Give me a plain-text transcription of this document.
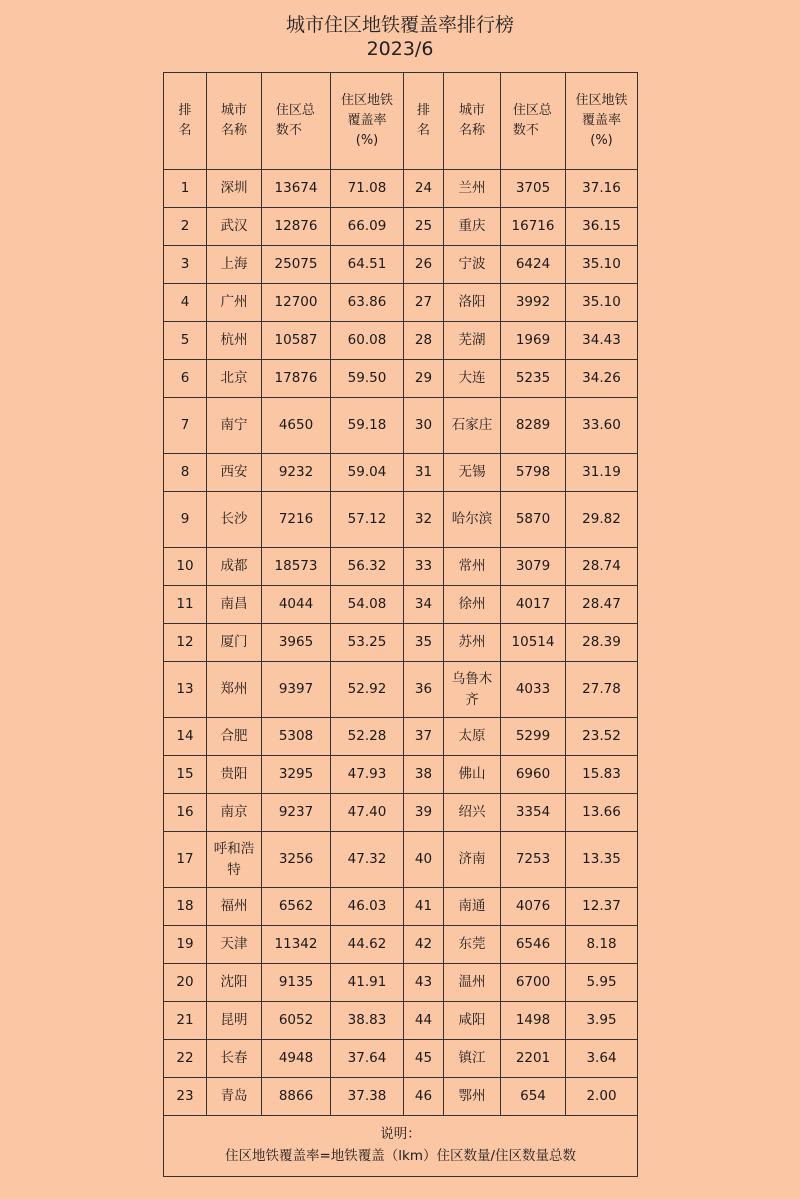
城市住区地铁覆盖率排行榜
2023/6
排名	城市名称	住区总数不	住区地铁覆盖率(%)	排名	城市名称	住区总数不	住区地铁覆盖率(%)

1	深圳	13674	71.08	24	兰州	3705	37.16
2	武汉	12876	66.09	25	重庆	16716	36.15
3	上海	25075	64.51	26	宁波	6424	35.10
4	广州	12700	63.86	27	洛阳	3992	35.10
5	杭州	10587	60.08	28	芜湖	1969	34.43
6	北京	17876	59.50	29	大连	5235	34.26
7	南宁	4650	59.18	30	石家庄	8289	33.60
8	西安	9232	59.04	31	无锡	5798	31.19
9	长沙	7216	57.12	32	哈尔滨	5870	29.82
10	成都	18573	56.32	33	常州	3079	28.74
11	南昌	4044	54.08	34	徐州	4017	28.47
12	厦门	3965	53.25	35	苏州	10514	28.39
13	郑州	9397	52.92	36	乌鲁木齐	4033	27.78
14	合肥	5308	52.28	37	太原	5299	23.52
15	贵阳	3295	47.93	38	佛山	6960	15.83
16	南京	9237	47.40	39	绍兴	3354	13.66
17	呼和浩特	3256	47.32	40	济南	7253	13.35
18	福州	6562	46.03	41	南通	4076	12.37
19	天津	11342	44.62	42	东莞	6546	8.18
20	沈阳	9135	41.91	43	温州	6700	5.95
21	昆明	6052	38.83	44	咸阳	1498	3.95
22	长春	4948	37.64	45	镇江	2201	3.64
23	青岛	8866	37.38	46	鄂州	654	2.00

说明：
住区地铁覆盖率=地铁覆盖（lkm）住区数量/住区数量总数							
